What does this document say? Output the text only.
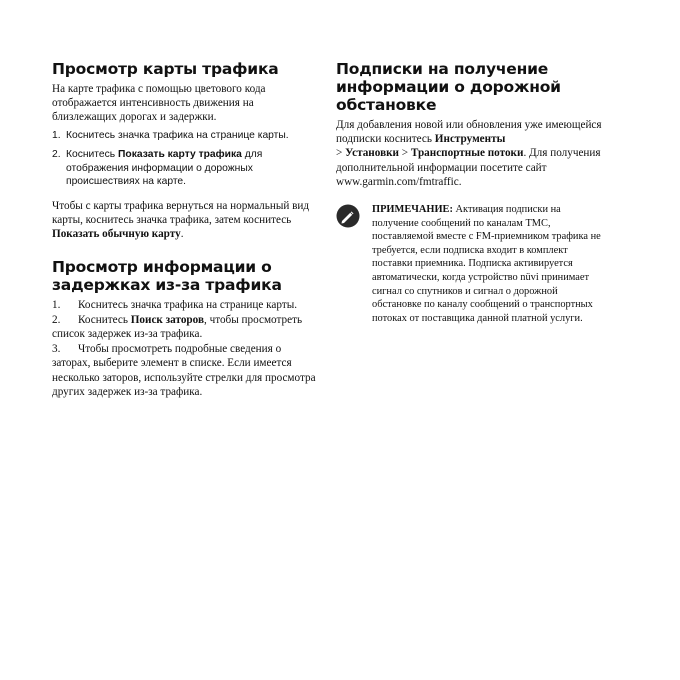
Просмотр карты трафика

На карте трафика с помощью цветового кода отображается интенсивность движения на близлежащих дорогах и задержки.

1. Коснитесь значка трафика на странице карты.
2. Коснитесь Показать карту трафика для отображения информации о дорожных происшествиях на карте.

Чтобы с карты трафика вернуться на нормальный вид карты, коснитесь значка трафика, затем коснитесь Показать обычную карту.

Просмотр информации о задержках из-за трафика
1. Коснитесь значка трафика на странице карты.
2. Коснитесь Поиск заторов, чтобы просмотреть список задержек из-за трафика.
3. Чтобы просмотреть подробные сведения о заторах, выберите элемент в списке. Если имеется несколько заторов, используйте стрелки для просмотра других задержек из-за трафика.
Подписки на получение информации о дорожной обстановке

Для добавления новой или обновления уже имеющейся подписки коснитесь Инструменты
> Установки > Транспортные потоки. Для получения дополнительной информации посетите сайт www.garmin.com/fmtraffic.

ПРИМЕЧАНИЕ: Активация подписки на получение сообщений по каналам TMC, поставляемой вместе с FM-приемником трафика не требуется, если подписка входит в комплект поставки приемника. Подписка активируется автоматически, когда устройство nüvi принимает сигнал со спутников и сигнал о дорожной обстановке по каналу сообщений о транспортных потоках от поставщика данной платной услуги.
